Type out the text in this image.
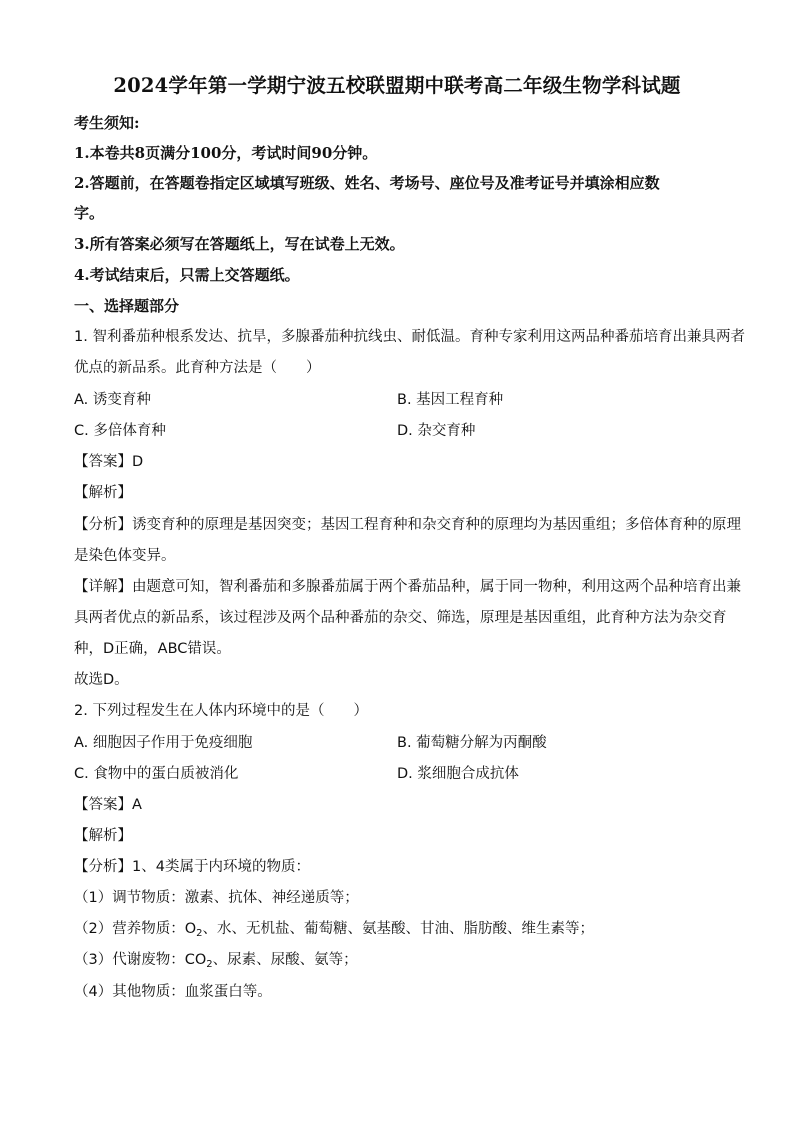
2024学年第一学期宁波五校联盟期中联考高二年级生物学科试题
考生须知:
1.本卷共8页满分100分，考试时间90分钟。
2.答题前，在答题卷指定区域填写班级、姓名、考场号、座位号及准考证号并填涂相应数
字。
3.所有答案必须写在答题纸上，写在试卷上无效。
4.考试结束后，只需上交答题纸。
一、选择题部分
1. 智利番茄种根系发达、抗旱，多腺番茄种抗线虫、耐低温。育种专家利用这两品种番茄培育出兼具两者
优点的新品系。此育种方法是（　　）
A. 诱变育种	B. 基因工程育种
C. 多倍体育种	D. 杂交育种
【答案】D
【解析】
【分析】诱变育种的原理是基因突变；基因工程育种和杂交育种的原理均为基因重组；多倍体育种的原理
是染色体变异。
【详解】由题意可知，智利番茄和多腺番茄属于两个番茄品种，属于同一物种，利用这两个品种培育出兼
具两者优点的新品系，该过程涉及两个品种番茄的杂交、筛选，原理是基因重组，此育种方法为杂交育
种，D正确，ABC错误。
故选D。
2. 下列过程发生在人体内环境中的是（　　）
A. 细胞因子作用于免疫细胞	B. 葡萄糖分解为丙酮酸
C. 食物中的蛋白质被消化	D. 浆细胞合成抗体
【答案】A
【解析】
【分析】1、4类属于内环境的物质：
（1）调节物质：激素、抗体、神经递质等；
（2）营养物质：$O_2$、水、无机盐、葡萄糖、氨基酸、甘油、脂肪酸、维生素等；
（3）代谢废物：$CO_2$、尿素、尿酸、氨等；
（4）其他物质：血浆蛋白等。
